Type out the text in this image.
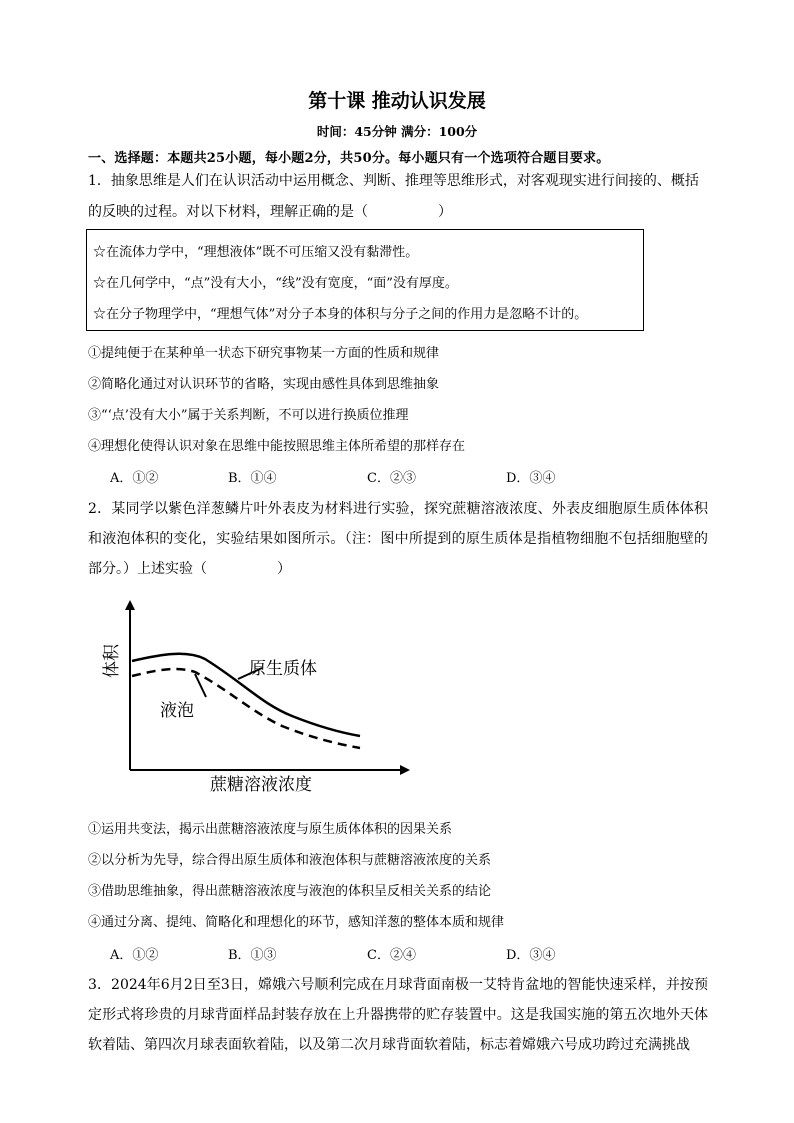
第十课 推动认识发展
时间：45分钟 满分：100分
一、选择题：本题共25小题，每小题2分，共50分。每小题只有一个选项符合题目要求。
1．抽象思维是人们在认识活动中运用概念、判断、推理等思维形式，对客观现实进行间接的、概括
的反映的过程。对以下材料，理解正确的是（	）
☆在流体力学中，“理想液体”既不可压缩又没有黏滞性。
☆在几何学中，“点”没有大小，“线”没有宽度，“面”没有厚度。
☆在分子物理学中，“理想气体”对分子本身的体积与分子之间的作用力是忽略不计的。
①提纯便于在某种单一状态下研究事物某一方面的性质和规律
②简略化通过对认识环节的省略，实现由感性具体到思维抽象
③“‘点’没有大小”属于关系判断，不可以进行换质位推理
④理想化使得认识对象在思维中能按照思维主体所希望的那样存在
A．①②	B．①④	C．②③	D．③④
2．某同学以紫色洋葱鳞片叶外表皮为材料进行实验，探究蔗糖溶液浓度、外表皮细胞原生质体体积和液泡体积的变化，实验结果如图所示。（注：图中所提到的原生质体是指植物细胞不包括细胞壁的部分。）上述实验（	）
原生质体
液泡
体积
蔗糖溶液浓度
①运用共变法，揭示出蔗糖溶液浓度与原生质体体积的因果关系
②以分析为先导，综合得出原生质体和液泡体积与蔗糖溶液浓度的关系
③借助思维抽象，得出蔗糖溶液浓度与液泡的体积呈反相关关系的结论
④通过分离、提纯、简略化和理想化的环节，感知洋葱的整体本质和规律
A．①②	B．①③	C．②④	D．③④
3．2024年6月2日至3日，嫦娥六号顺利完成在月球背面南极一艾特肯盆地的智能快速采样，并按预定形式将珍贵的月球背面样品封装存放在上升器携带的贮存装置中。这是我国实施的第五次地外天体软着陆、第四次月球表面软着陆，以及第二次月球背面软着陆，标志着嫦娥六号成功跨过充满挑战
